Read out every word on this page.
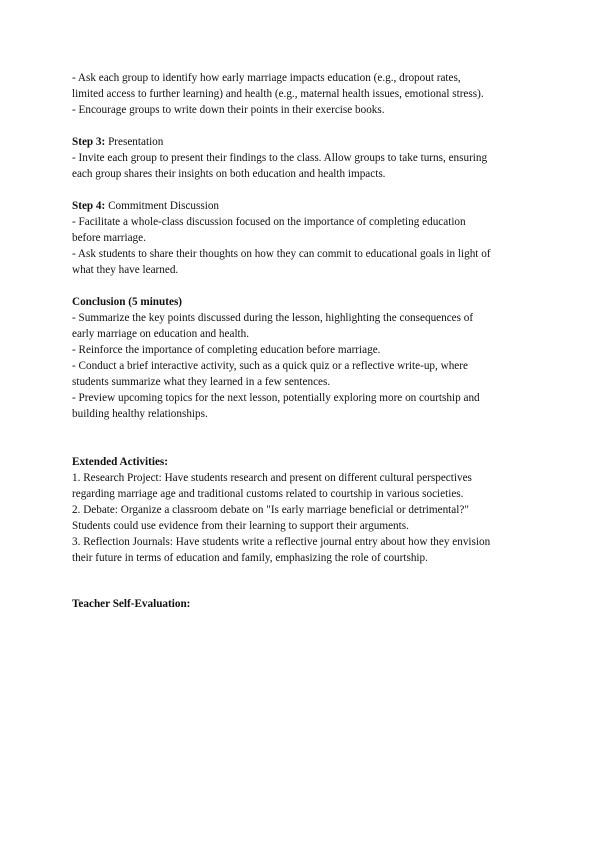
- Ask each group to identify how early marriage impacts education (e.g., dropout rates,
limited access to further learning) and health (e.g., maternal health issues, emotional stress).
- Encourage groups to write down their points in their exercise books.
Step 3: Presentation
- Invite each group to present their findings to the class. Allow groups to take turns, ensuring
each group shares their insights on both education and health impacts.
Step 4: Commitment Discussion
- Facilitate a whole-class discussion focused on the importance of completing education
before marriage.
- Ask students to share their thoughts on how they can commit to educational goals in light of
what they have learned.
Conclusion (5 minutes)
- Summarize the key points discussed during the lesson, highlighting the consequences of
early marriage on education and health.
- Reinforce the importance of completing education before marriage.
- Conduct a brief interactive activity, such as a quick quiz or a reflective write-up, where
students summarize what they learned in a few sentences.
- Preview upcoming topics for the next lesson, potentially exploring more on courtship and
building healthy relationships.
Extended Activities:
1. Research Project: Have students research and present on different cultural perspectives
regarding marriage age and traditional customs related to courtship in various societies.
2. Debate: Organize a classroom debate on "Is early marriage beneficial or detrimental?"
Students could use evidence from their learning to support their arguments.
3. Reflection Journals: Have students write a reflective journal entry about how they envision
their future in terms of education and family, emphasizing the role of courtship.
Teacher Self-Evaluation:
